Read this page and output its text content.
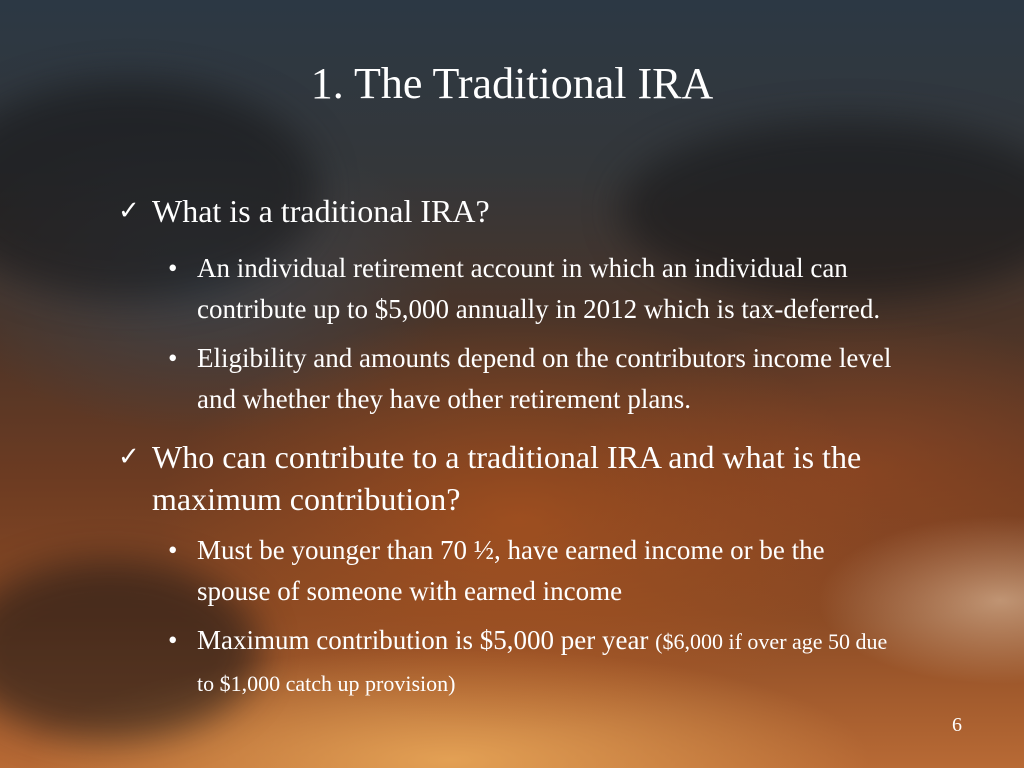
1. The Traditional IRA
✓ What is a traditional IRA?
• An individual retirement account in which an individual can contribute up to $5,000 annually in 2012 which is tax-deferred.
• Eligibility and amounts depend on the contributors income level and whether they have other retirement plans.
✓ Who can contribute to a traditional IRA and what is the maximum contribution?
• Must be younger than 70 ½, have earned income or be the spouse of someone with earned income
• Maximum contribution is $5,000 per year ($6,000 if over age 50 due to $1,000 catch up provision)
6
